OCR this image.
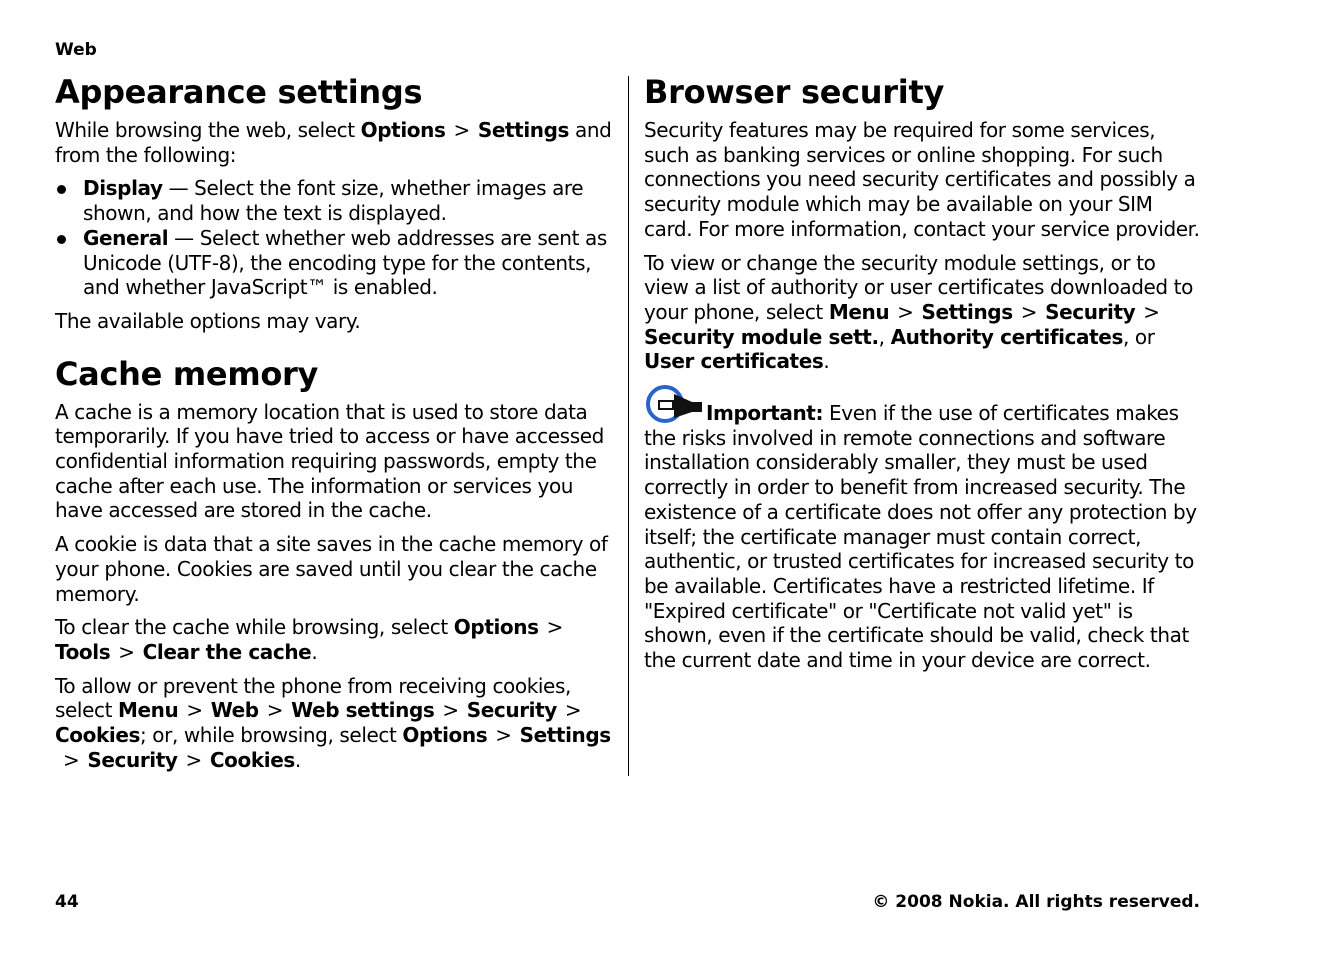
Web
Appearance settings

While browsing the web, select Options > Settings and from the following:

Display — Select the font size, whether images are shown, and how the text is displayed.
General — Select whether web addresses are sent as Unicode (UTF-8), the encoding type for the contents, and whether JavaScript™ is enabled.

The available options may vary.

Cache memory

A cache is a memory location that is used to store data temporarily. If you have tried to access or have accessed confidential information requiring passwords, empty the cache after each use. The information or services you have accessed are stored in the cache.

A cookie is data that a site saves in the cache memory of your phone. Cookies are saved until you clear the cache memory.

To clear the cache while browsing, select Options >Tools > Clear the cache.

To allow or prevent the phone from receiving cookies, select Menu > Web > Web settings > Security >Cookies; or, while browsing, select Options > Settings> Security > Cookies.

Browser security

Security features may be required for some services, such as banking services or online shopping. For such connections you need security certificates and possibly a security module which may be available on your SIM card. For more information, contact your service provider.

To view or change the security module settings, or to view a list of authority or user certificates downloaded to your phone, select Menu > Settings > Security >Security module sett., Authority certificates, or User certificates.

Important: Even if the use of certificates makes the risks involved in remote connections and software installation considerably smaller, they must be used correctly in order to benefit from increased security. The existence of a certificate does not offer any protection by itself; the certificate manager must contain correct, authentic, or trusted certificates for increased security to be available. Certificates have a restricted lifetime. If "Expired certificate" or "Certificate not valid yet" is shown, even if the certificate should be valid, check that the current date and time in your device are correct.

44	© 2008 Nokia. All rights reserved.
